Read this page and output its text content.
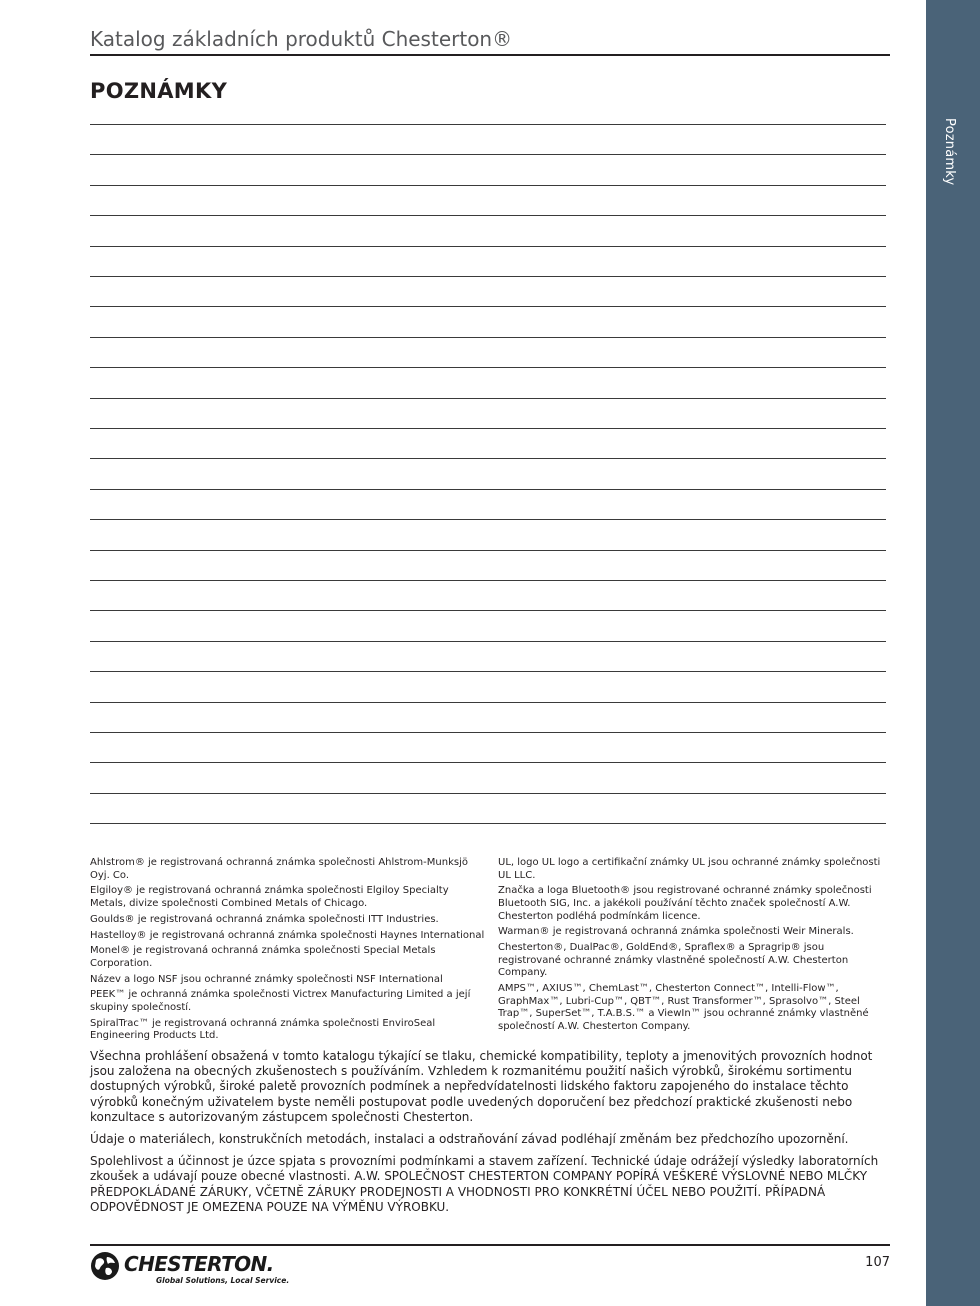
Poznámky
Katalog základních produktů Chesterton®
POZNÁMKY
Ahlstrom® je registrovaná ochranná známka společnosti Ahlstrom-Munksjö Oyj. Co.
Elgiloy® je registrovaná ochranná známka společnosti Elgiloy Specialty Metals, divize společnosti Combined Metals of Chicago.
Goulds® je registrovaná ochranná známka společnosti ITT Industries.
Hastelloy® je registrovaná ochranná známka společnosti Haynes International
Monel® je registrovaná ochranná známka společnosti Special Metals Corporation.
Název a logo NSF jsou ochranné známky společnosti NSF International
PEEK™ je ochranná známka společnosti Victrex Manufacturing Limited a její skupiny společností.
SpiralTrac™ je registrovaná ochranná známka společnosti EnviroSeal Engineering Products Ltd.
UL, logo UL logo a certifikační známky UL jsou ochranné známky společnosti UL LLC.
Značka a loga Bluetooth® jsou registrované ochranné známky společnosti Bluetooth SIG, Inc. a jakékoli používání těchto značek společností A.W. Chesterton podléhá podmínkám licence.
Warman® je registrovaná ochranná známka společnosti Weir Minerals.
Chesterton®, DualPac®, GoldEnd®, Spraflex® a Spragrip® jsou registrované ochranné známky vlastněné společností A.W. Chesterton Company.
AMPS™, AXIUS™, ChemLast™, Chesterton Connect™, Intelli-Flow™, GraphMax™, Lubri-Cup™, QBT™, Rust Transformer™, Sprasolvo™, Steel Trap™, SuperSet™, T.A.B.S.™ a ViewIn™ jsou ochranné známky vlastněné společností A.W. Chesterton Company.

Všechna prohlášení obsažená v tomto katalogu týkající se tlaku, chemické kompatibility, teploty a jmenovitých provozních hodnot jsou založena na obecných zkušenostech s používáním. Vzhledem k rozmanitému použití našich výrobků, širokému sortimentu dostupných výrobků, široké paletě provozních podmínek a nepředvídatelnosti lidského faktoru zapojeného do instalace těchto výrobků konečným uživatelem byste neměli postupovat podle uvedených doporučení bez předchozí praktické zkušenosti nebo konzultace s autorizovaným zástupcem společnosti Chesterton.

Údaje o materiálech, konstrukčních metodách, instalaci a odstraňování závad podléhají změnám bez předchozího upozornění.

Spolehlivost a účinnost je úzce spjata s provozními podmínkami a stavem zařízení. Technické údaje odrážejí výsledky laboratorních zkoušek a udávají pouze obecné vlastnosti. A.W. SPOLEČNOST CHESTERTON COMPANY POPÍRÁ VEŠKERÉ VÝSLOVNÉ NEBO MLČKY PŘEDPOKLÁDANÉ ZÁRUKY, VČETNĚ ZÁRUKY PRODEJNOSTI A VHODNOSTI PRO KONKRÉTNÍ ÚČEL NEBO POUŽITÍ. PŘÍPADNÁ ODPOVĚDNOST JE OMEZENA POUZE NA VÝMĚNU VÝROBKU.

CHESTERTON.
Global Solutions, Local Service.
107
